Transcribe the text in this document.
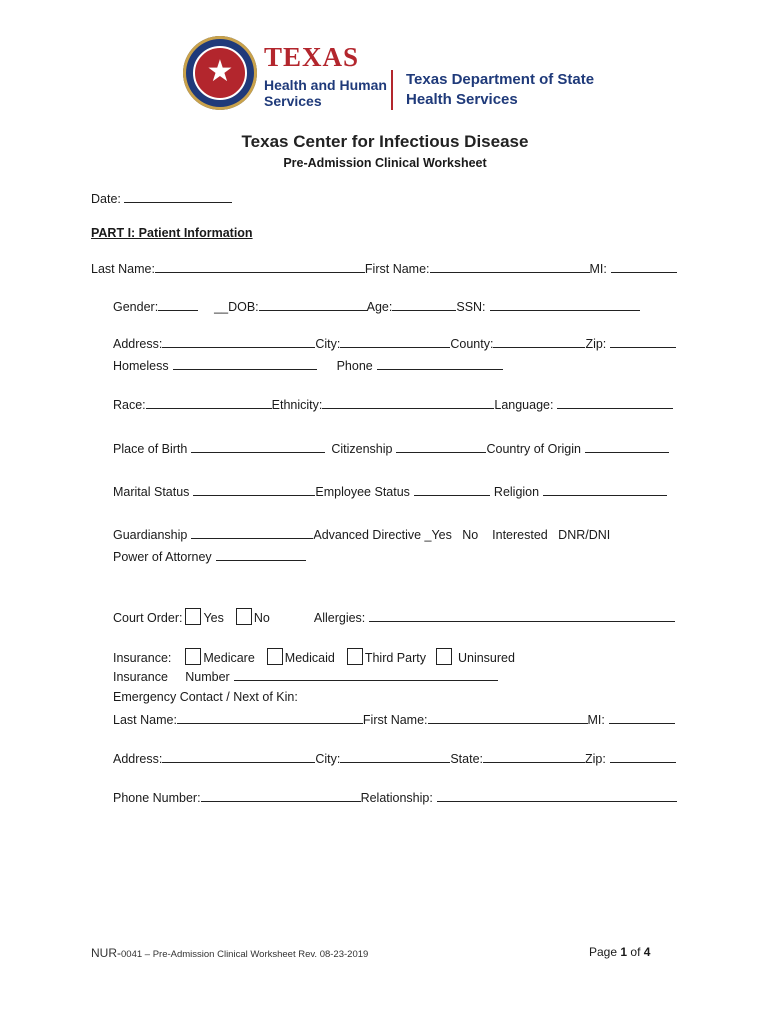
★	TEXAS
Health and Human
Services
Texas Department of State
Health Services
Texas Center for Infectious Disease
Pre-Admission Clinical Worksheet
Date:
PART I: Patient Information
Last Name:	First Name:	MI:
Gender:	__DOB:	Age:	SSN:
Address:	City:	County:	Zip:
Homeless	Phone
Race:	Ethnicity:	Language:
Place of Birth	Citizenship	Country of Origin
Marital Status	Employee Status	Religion
Guardianship	Advanced Directive _Yes   No    Interested   DNR/DNI
Power of Attorney
Court Order: Yes No	Allergies:
Insurance:	Medicare Medicaid Third Party	Uninsured
Insurance     Number
Emergency Contact / Next of Kin:
Last Name:	First Name:	MI:
Address:	City:	State:	Zip:
Phone Number:	Relationship:
NUR-0041 – Pre-Admission Clinical Worksheet Rev. 08-23-2019	Page 1 of 4
